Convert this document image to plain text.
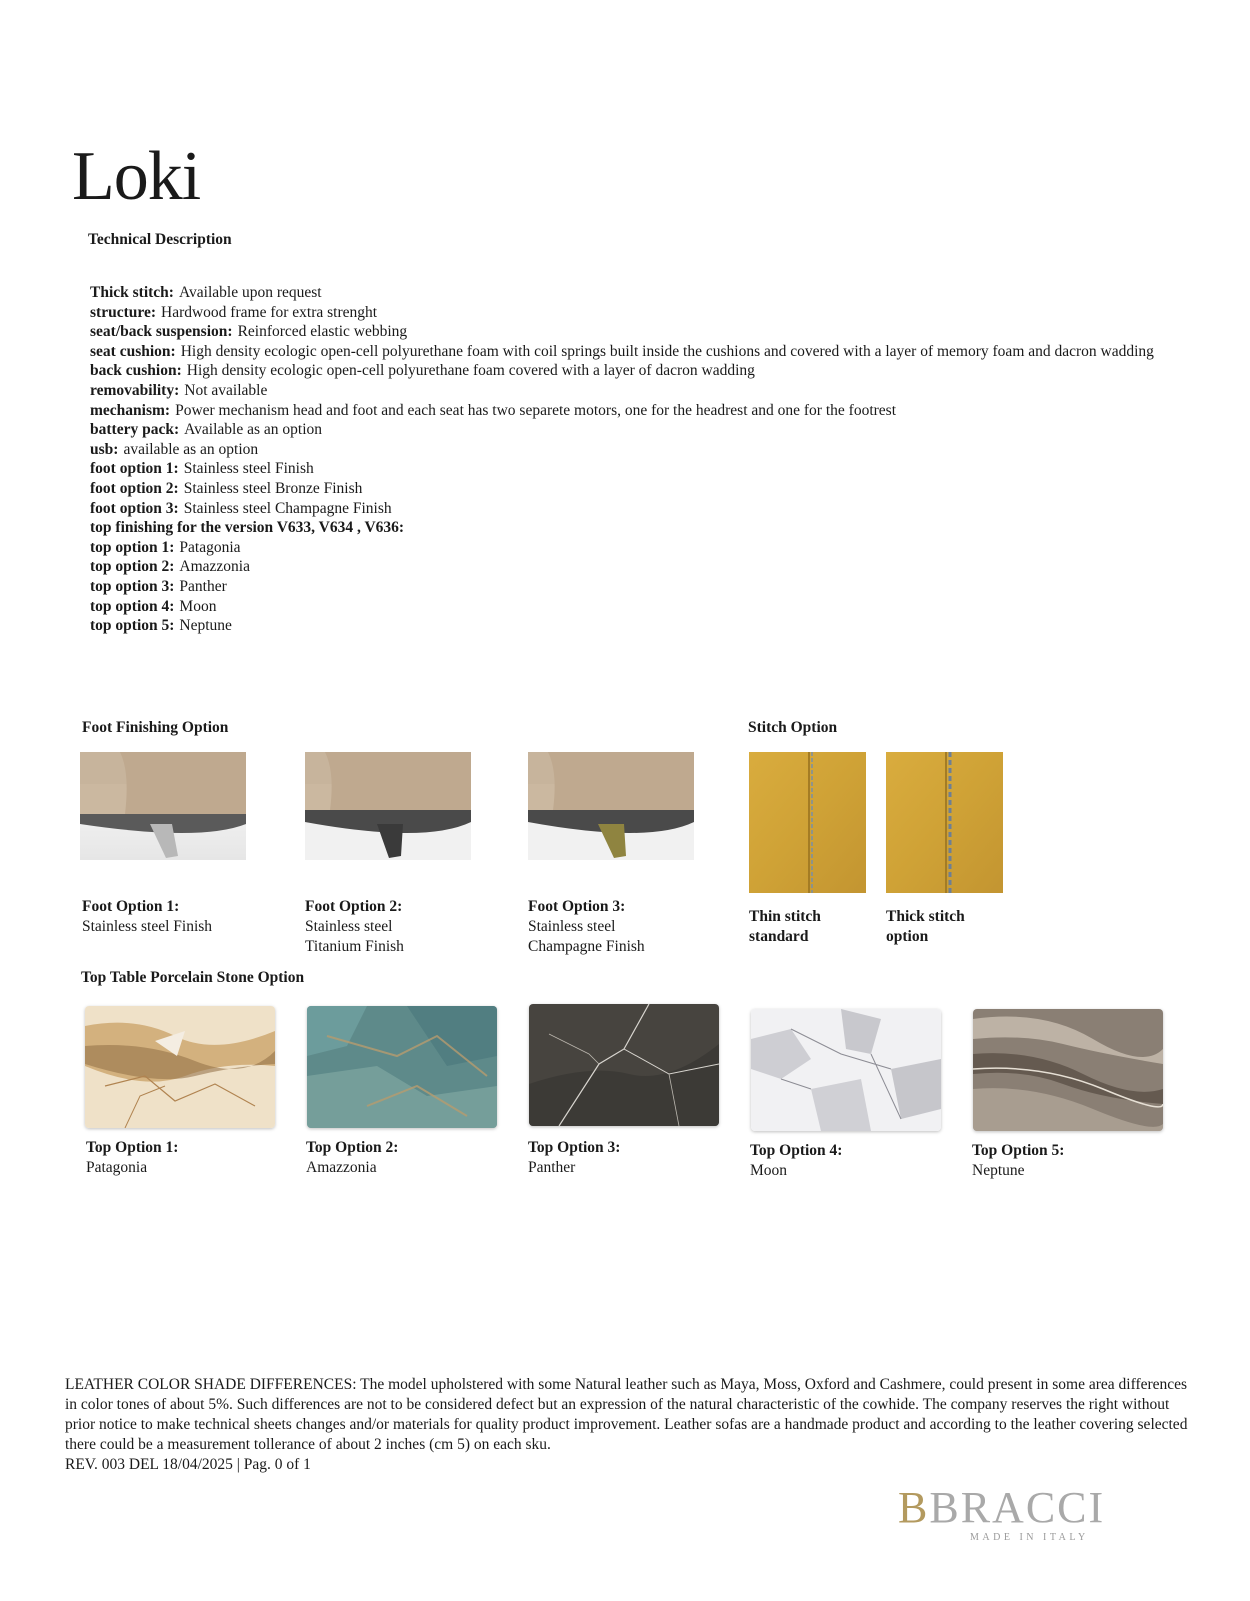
Loki
Technical Description
Thick stitch: Available upon request
structure: Hardwood frame for extra strenght
seat/back suspension: Reinforced elastic webbing
seat cushion: High density ecologic open-cell polyurethane foam with coil springs built inside the cushions and covered with a layer of memory foam and dacron wadding
back cushion: High density ecologic open-cell polyurethane foam covered with a layer of dacron wadding
removability: Not available
mechanism: Power mechanism head and foot and each seat has two separete motors, one for the headrest and one for the footrest
battery pack: Available as an option
usb: available as an option
foot option 1: Stainless steel Finish
foot option 2: Stainless steel Bronze Finish
foot option 3: Stainless steel Champagne Finish
top finishing for the version V633, V634 , V636:
top option 1: Patagonia
top option 2: Amazzonia
top option 3: Panther
top option 4: Moon
top option 5: Neptune
Foot Finishing Option
Foot Option 1:
Stainless steel Finish
Foot Option 2:
Stainless steel
Titanium Finish
Foot Option 3:
Stainless steel
Champagne Finish
Stitch Option
Thin stitch
standard
Thick stitch
option
Top Table Porcelain Stone Option
Top Option 1:
Patagonia
Top Option 2:
Amazzonia
Top Option 3:
Panther
Top Option 4:
Moon
Top Option 5:
Neptune
LEATHER COLOR SHADE DIFFERENCES: The model upholstered with some Natural leather such as Maya, Moss, Oxford and Cashmere, could present in some area differences in color tones of about 5%. Such differences are not to be considered defect but an expression of the natural characteristic of the cowhide. The company reserves the right without prior notice to make technical sheets changes and/or materials for quality product improvement. Leather sofas are a handmade product and according to the leather covering selected there could be a measurement tollerance of about 2 inches (cm 5) on each sku.
REV. 003 DEL 18/04/2025 | Pag. 0 of 1
BBRACCI
MADE IN ITALY
